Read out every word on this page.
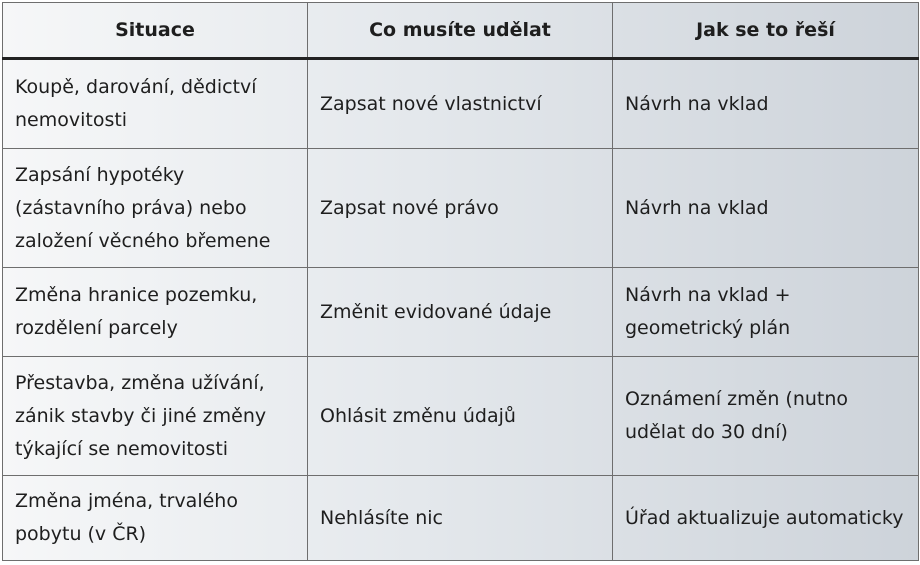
Situace	Co musíte udělat	Jak se to řeší

Koupě, darování, dědictví
nemovitosti	Zapsat nové vlastnictví	Návrh na vklad

Zapsání hypotéky
(zástavního práva) nebo
založení věcného břemene	Zapsat nové právo	Návrh na vklad

Změna hranice pozemku,
rozdělení parcely	Změnit evidované údaje	Návrh na vklad +
geometrický plán

Přestavba, změna užívání,
zánik stavby či jiné změny
týkající se nemovitosti	Ohlásit změnu údajů	Oznámení změn (nutno
udělat do 30 dní)

Změna jména, trvalého
pobytu (v ČR)	Nehlásíte nic	Úřad aktualizuje automaticky
